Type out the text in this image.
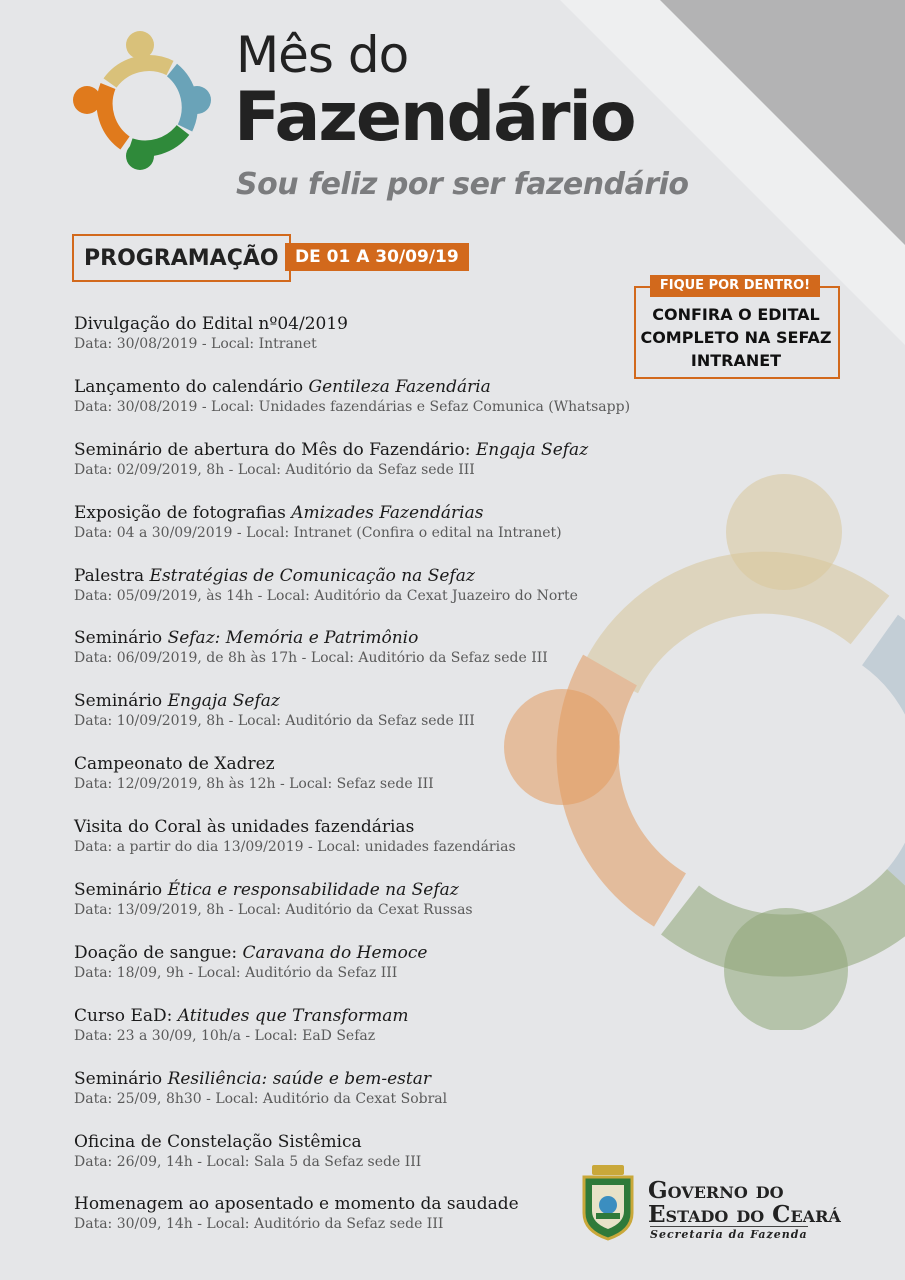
Mês do
Fazendário
Sou feliz por ser fazendário
PROGRAMAÇÃO DE 01 A 30/09/19
FIQUE POR DENTRO!
CONFIRA O EDITAL
COMPLETO NA SEFAZ
INTRANET
Divulgação do Edital nº04/2019
Data: 30/08/2019 - Local: Intranet
Lançamento do calendário Gentileza Fazendária
Data: 30/08/2019 - Local: Unidades fazendárias e Sefaz Comunica (Whatsapp)
Seminário de abertura do Mês do Fazendário: Engaja Sefaz
Data: 02/09/2019, 8h - Local: Auditório da Sefaz sede III
Exposição de fotografias Amizades Fazendárias
Data: 04 a 30/09/2019 - Local: Intranet (Confira o edital na Intranet)
Palestra Estratégias de Comunicação na Sefaz
Data: 05/09/2019, às 14h - Local: Auditório da Cexat Juazeiro do Norte
Seminário Sefaz: Memória e Patrimônio
Data: 06/09/2019, de 8h às 17h - Local: Auditório da Sefaz sede III
Seminário Engaja Sefaz
Data: 10/09/2019, 8h - Local: Auditório da Sefaz sede III
Campeonato de Xadrez
Data: 12/09/2019, 8h às 12h - Local: Sefaz sede III
Visita do Coral às unidades fazendárias
Data: a partir do dia 13/09/2019 - Local: unidades fazendárias
Seminário Ética e responsabilidade na Sefaz
Data: 13/09/2019, 8h - Local: Auditório da Cexat Russas
Doação de sangue: Caravana do Hemoce
Data: 18/09, 9h - Local: Auditório da Sefaz III
Curso EaD: Atitudes que Transformam
Data: 23 a 30/09, 10h/a - Local: EaD Sefaz
Seminário Resiliência: saúde e bem-estar
Data: 25/09, 8h30 - Local: Auditório da Cexat Sobral
Oficina de Constelação Sistêmica
Data: 26/09, 14h - Local: Sala 5 da Sefaz sede III
Homenagem ao aposentado e momento da saudade
Data: 30/09, 14h - Local: Auditório da Sefaz sede III
Governo do
Estado do Ceará
Secretaria da Fazenda
